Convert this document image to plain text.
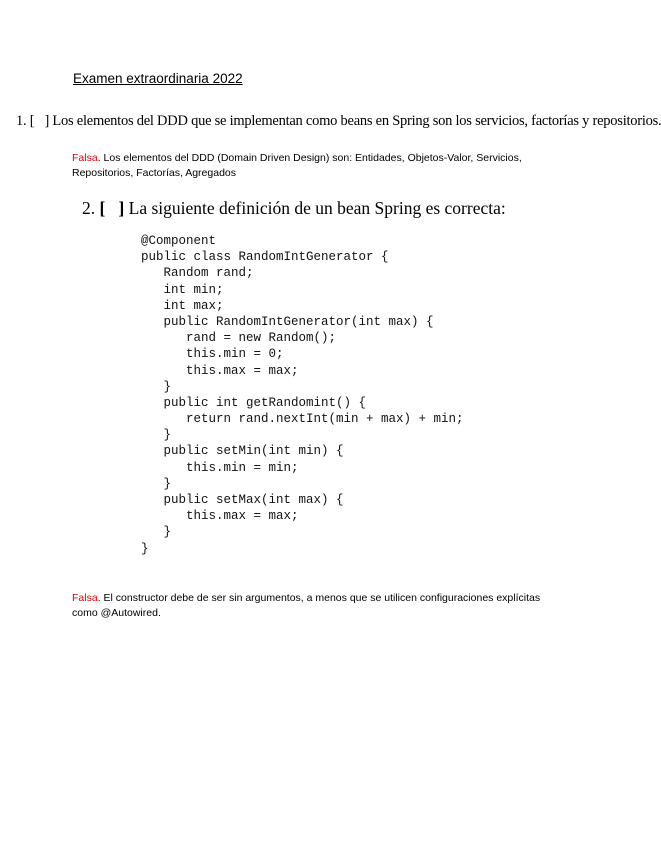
Examen extraordinaria 2022
1. [   ] Los elementos del DDD que se implementan como beans en Spring son los servicios, factorías y repositorios.
Falsa. Los elementos del DDD (Domain Driven Design) son: Entidades, Objetos-Valor, Servicios, Repositorios, Factorías, Agregados
2. [   ] La siguiente definición de un bean Spring es correcta:
@Component
public class RandomIntGenerator {
Random rand;
int min;
int max;
public RandomIntGenerator(int max) {
rand = new Random();
this.min = 0;
this.max = max;
}
public int getRandomint() {
return rand.nextInt(min + max) + min;
}
public setMin(int min) {
this.min = min;
}
public setMax(int max) {
this.max = max;
}
}
Falsa. El constructor debe de ser sin argumentos, a menos que se utilicen configuraciones explícitas como @Autowired.
